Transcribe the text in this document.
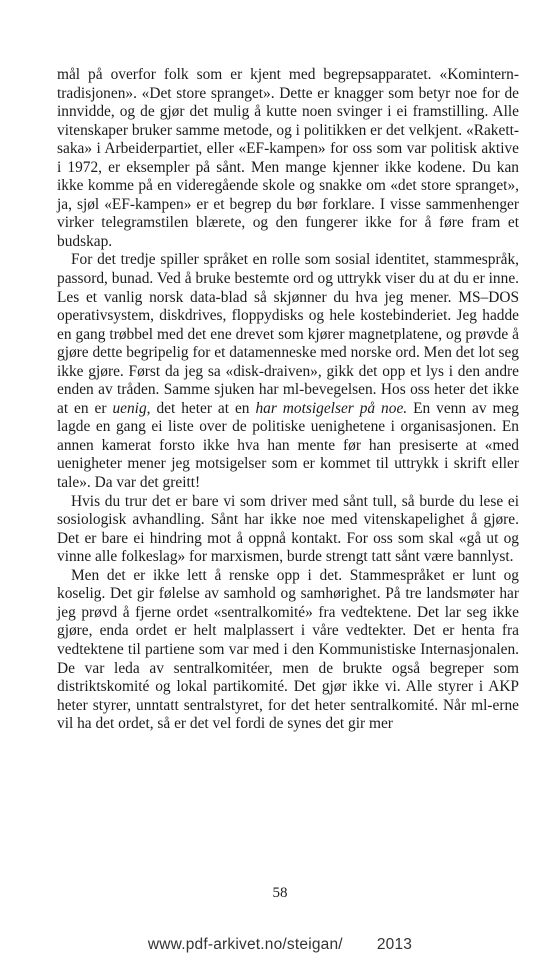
mål på overfor folk som er kjent med begrepsapparatet. «Komintern-tradisjonen». «Det store spranget». Dette er knagger som betyr noe for de innvidde, og de gjør det mulig å kutte noen svinger i ei framstilling. Alle vitenskaper bruker samme metode, og i politikken er det velkjent. «Rakett-saka» i Arbeiderpartiet, eller «EF-kampen» for oss som var politisk aktive i 1972, er eksempler på sånt. Men mange kjenner ikke kodene. Du kan ikke komme på en videregående skole og snakke om «det store spranget», ja, sjøl «EF-kampen» er et begrep du bør forklare. I visse sammenhenger virker telegramstilen blærete, og den fungerer ikke for å føre fram et budskap.

For det tredje spiller språket en rolle som sosial identitet, stammespråk, passord, bunad. Ved å bruke bestemte ord og uttrykk viser du at du er inne. Les et vanlig norsk data-blad så skjønner du hva jeg mener. MS–DOS operativsystem, diskdrives, floppydisks og hele kostebinderiet. Jeg hadde en gang trøbbel med det ene drevet som kjører magnetplatene, og prøvde å gjøre dette begripelig for et datamenneske med norske ord. Men det lot seg ikke gjøre. Først da jeg sa «disk-draiven», gikk det opp et lys i den andre enden av tråden. Samme sjuken har ml-bevegelsen. Hos oss heter det ikke at en er uenig, det heter at en har motsigelser på noe. En venn av meg lagde en gang ei liste over de politiske uenighetene i organisasjonen. En annen kamerat forsto ikke hva han mente før han presiserte at «med uenigheter mener jeg motsigelser som er kommet til uttrykk i skrift eller tale». Da var det greitt!

Hvis du trur det er bare vi som driver med sånt tull, så burde du lese ei sosiologisk avhandling. Sånt har ikke noe med vitenskapelighet å gjøre. Det er bare ei hindring mot å oppnå kontakt. For oss som skal «gå ut og vinne alle folkeslag» for marxismen, burde strengt tatt sånt være bannlyst.

Men det er ikke lett å renske opp i det. Stammespråket er lunt og koselig. Det gir følelse av samhold og samhørighet. På tre landsmøter har jeg prøvd å fjerne ordet «sentralkomité» fra vedtektene. Det lar seg ikke gjøre, enda ordet er helt malplassert i våre vedtekter. Det er henta fra vedtektene til partiene som var med i den Kommunistiske Internasjonalen. De var leda av sentralkomitéer, men de brukte også begreper som distriktskomité og lokal partikomité. Det gjør ikke vi. Alle styrer i AKP heter styrer, unntatt sentralstyret, for det heter sentralkomité. Når ml-erne vil ha det ordet, så er det vel fordi de synes det gir mer

58
www.pdf-arkivet.no/steigan/ 2013
